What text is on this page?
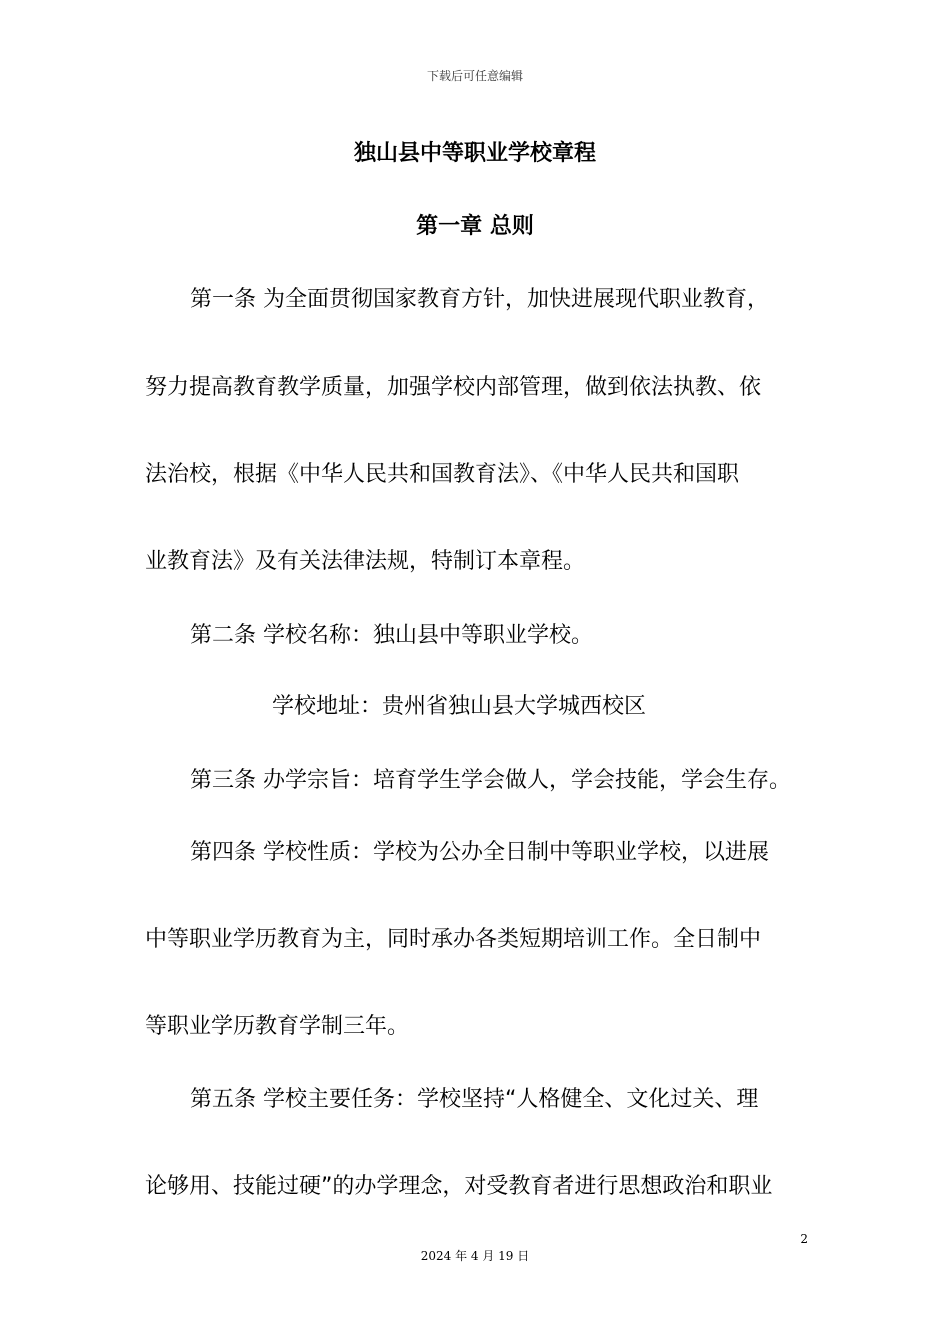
下载后可任意编辑
独山县中等职业学校章程
第一章 总则
第一条 为全面贯彻国家教育方针，加快进展现代职业教育，
努力提高教育教学质量，加强学校内部管理，做到依法执教、依
法治校，根据《中华人民共和国教育法》、《中华人民共和国职
业教育法》及有关法律法规，特制订本章程。
第二条 学校名称：独山县中等职业学校。
学校地址：贵州省独山县大学城西校区
第三条 办学宗旨：培育学生学会做人，学会技能，学会生存。
第四条 学校性质：学校为公办全日制中等职业学校，以进展
中等职业学历教育为主，同时承办各类短期培训工作。全日制中
等职业学历教育学制三年。
第五条 学校主要任务：学校坚持“人格健全、文化过关、理
论够用、技能过硬”的办学理念，对受教育者进行思想政治和职业
2
2024 年 4 月 19 日
